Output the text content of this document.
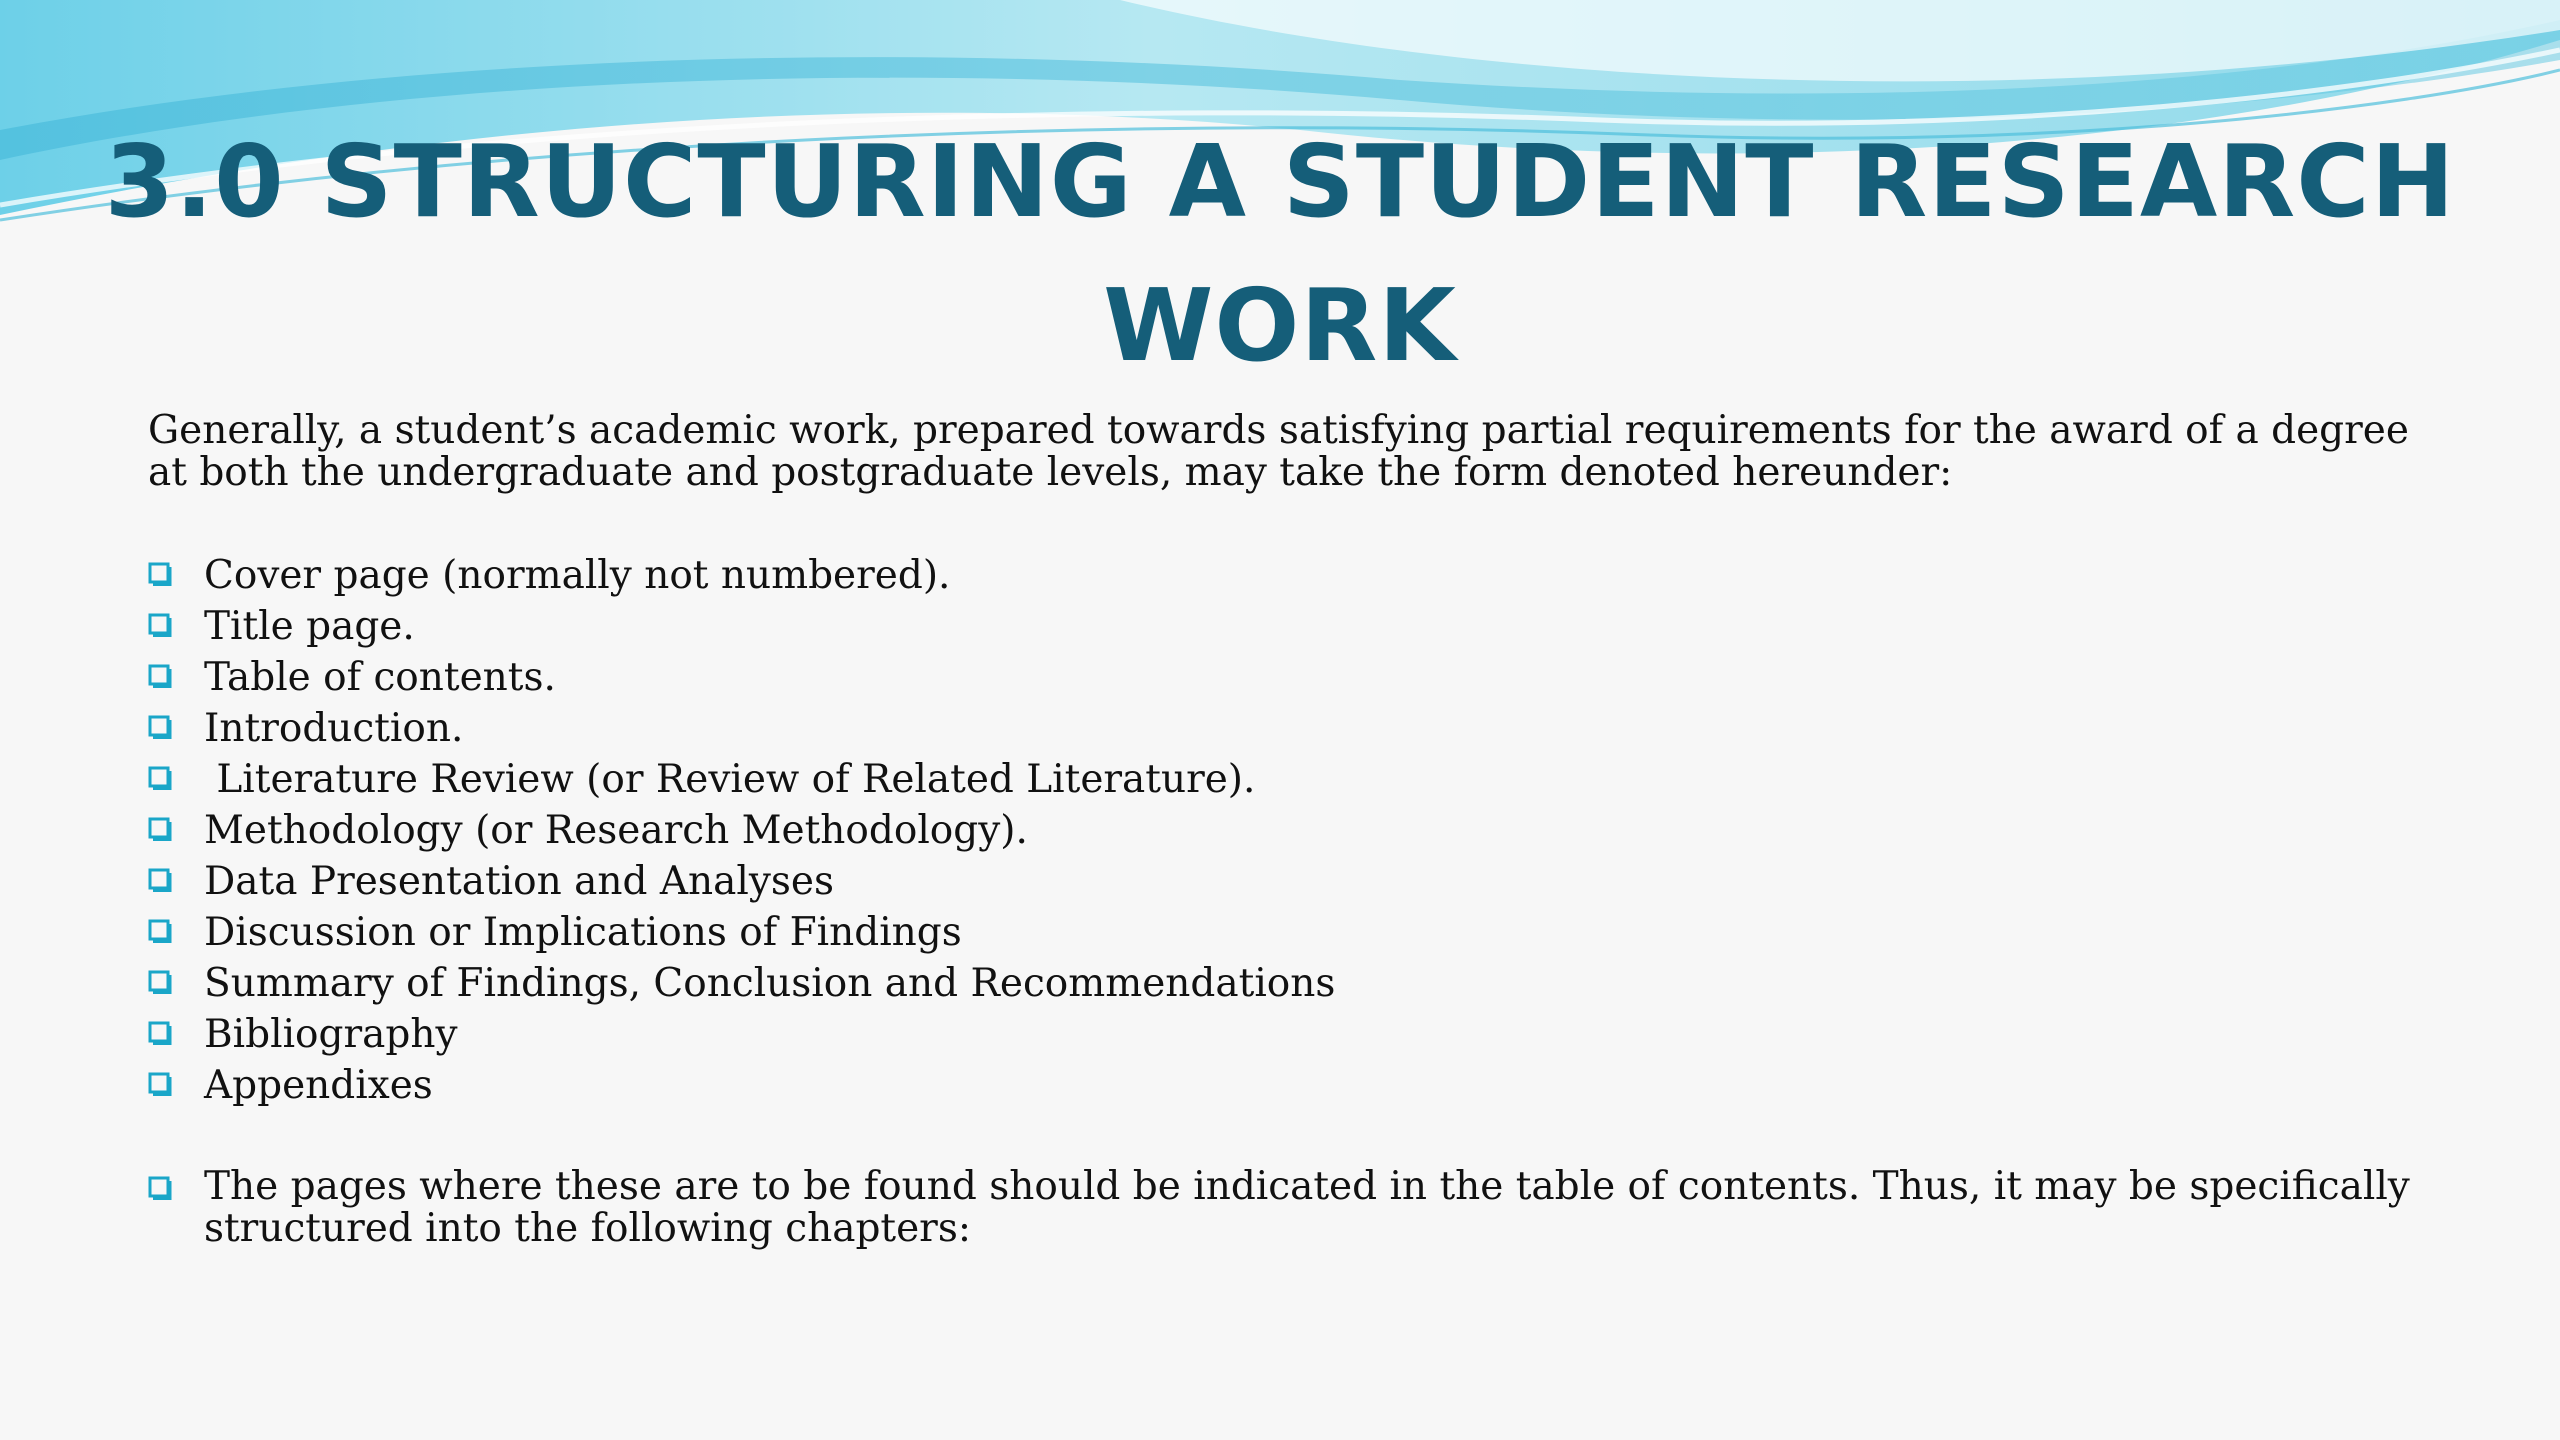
3.0 STRUCTURING A STUDENT RESEARCH
WORK
Generally, a student’s academic work, prepared towards satisfying partial requirements for the award of a degree at both the undergraduate and postgraduate levels, may take the form denoted hereunder:
Cover page (normally not numbered).
Title page.
Table of contents.
Introduction.
Literature Review (or Review of Related Literature).
Methodology (or Research Methodology).
Data Presentation and Analyses
Discussion or Implications of Findings
Summary of Findings, Conclusion and Recommendations
Bibliography
Appendixes
The pages where these are to be found should be indicated in the table of contents. Thus, it may be specifically structured into the following chapters:
